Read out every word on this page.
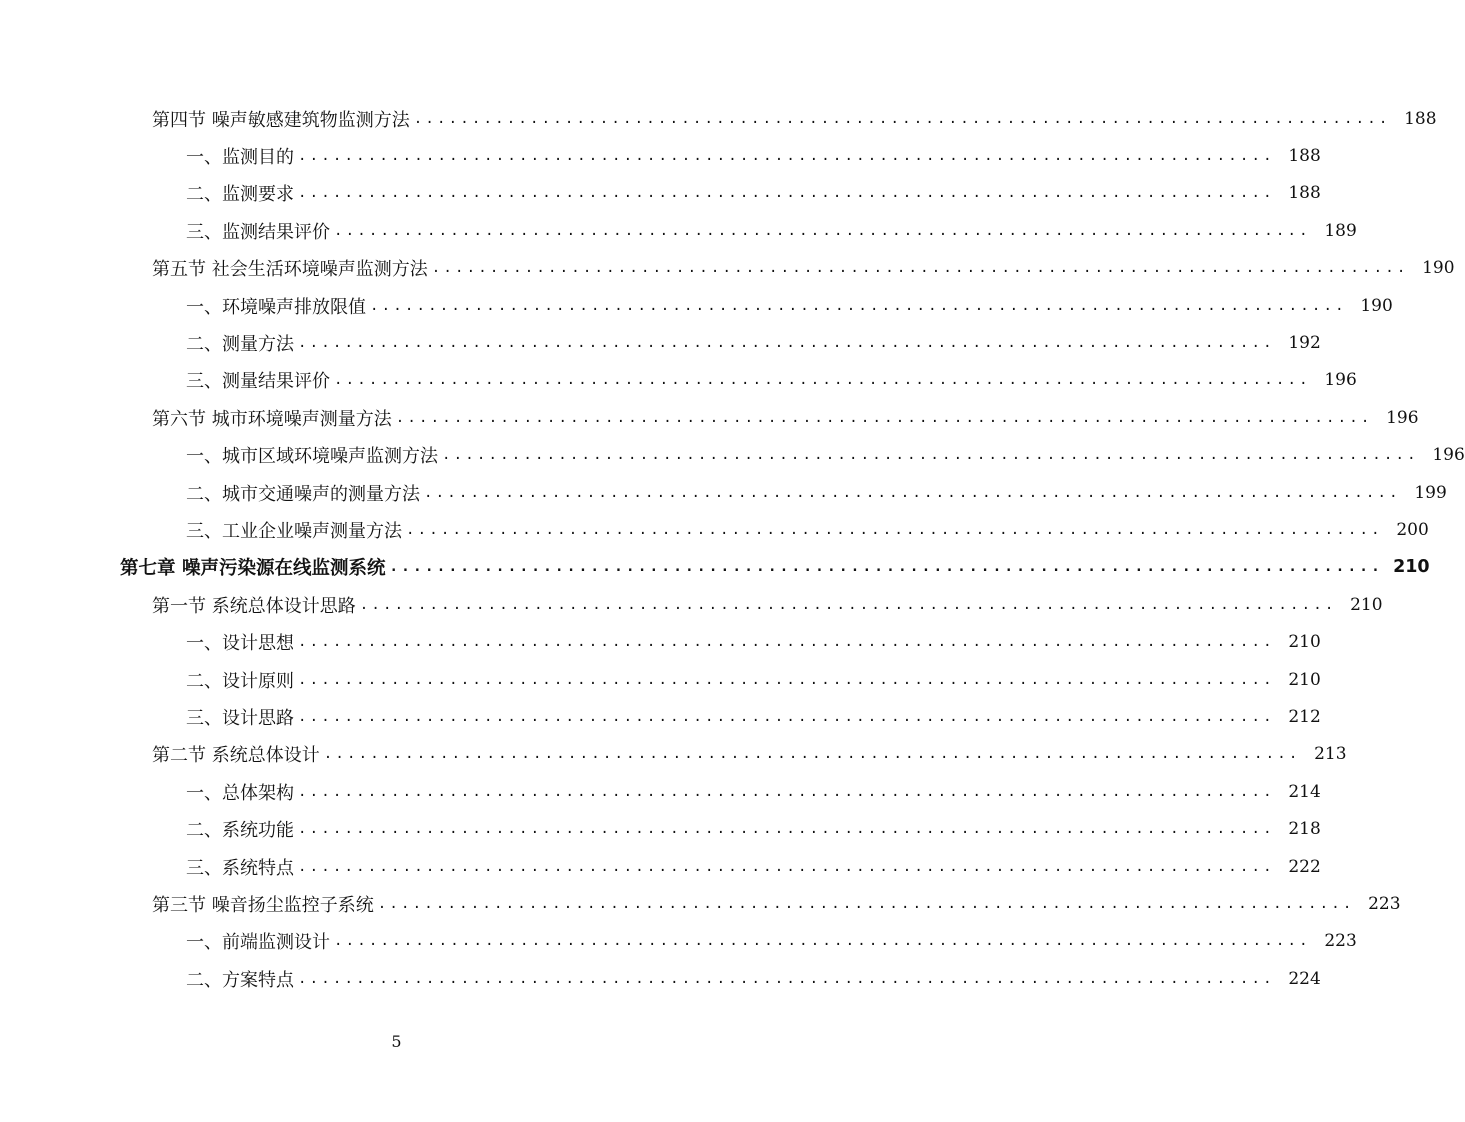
第四节 噪声敏感建筑物监测方法 .................................................................................... 188
一、监测目的 .................................................................................... 188
二、监测要求 .................................................................................... 188
三、监测结果评价 .................................................................................... 189
第五节 社会生活环境噪声监测方法 .................................................................................... 190
一、环境噪声排放限值 .................................................................................... 190
二、测量方法 .................................................................................... 192
三、测量结果评价 .................................................................................... 196
第六节 城市环境噪声测量方法 .................................................................................... 196
一、城市区域环境噪声监测方法 .................................................................................... 196
二、城市交通噪声的测量方法 .................................................................................... 199
三、工业企业噪声测量方法 .................................................................................... 200
第七章 噪声污染源在线监测系统 .................................................................................... 210
第一节 系统总体设计思路 .................................................................................... 210
一、设计思想 .................................................................................... 210
二、设计原则 .................................................................................... 210
三、设计思路 .................................................................................... 212
第二节 系统总体设计 .................................................................................... 213
一、总体架构 .................................................................................... 214
二、系统功能 .................................................................................... 218
三、系统特点 .................................................................................... 222
第三节 噪音扬尘监控子系统 .................................................................................... 223
一、前端监测设计 .................................................................................... 223
二、方案特点 .................................................................................... 224
5
